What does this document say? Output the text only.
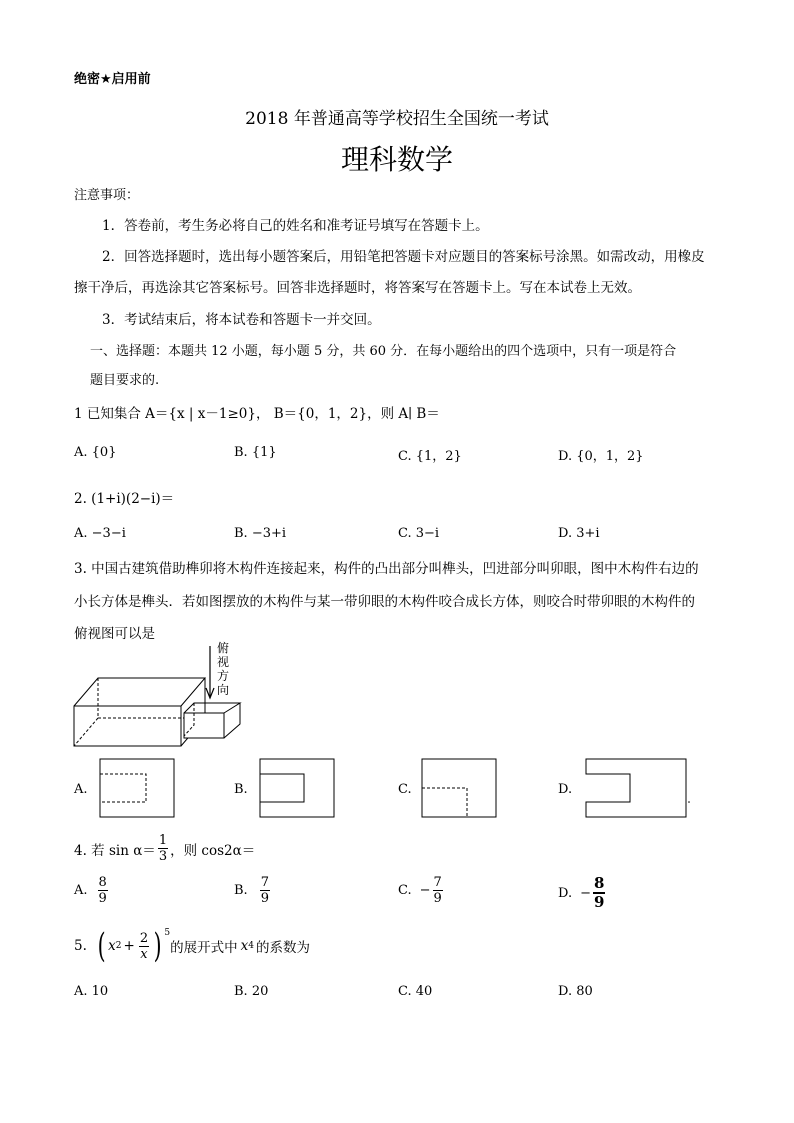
绝密★启用前
2018 年普通高等学校招生全国统一考试
理科数学
注意事项：
1．答卷前，考生务必将自己的姓名和准考证号填写在答题卡上。
2．回答选择题时，选出每小题答案后，用铅笔把答题卡对应题目的答案标号涂黑。如需改动，用橡皮
擦干净后，再选涂其它答案标号。回答非选择题时，将答案写在答题卡上。写在本试卷上无效。
3．考试结束后，将本试卷和答题卡一并交回。
一、选择题：本题共 12 小题，每小题 5 分，共 60 分．在每小题给出的四个选项中，只有一项是符合
题目要求的.
1 已知集合 A＝{x | x－1≥0}， B＝{0，1，2}，则 A∣ B＝
A. {0}	B. {1}	C. {1，2}	D. {0，1，2}
2. (1+i)(2−i)＝
A. −3−i	B. −3+i	C. 3−i	D. 3+i
3. 中国古建筑借助榫卯将木构件连接起来，构件的凸出部分叫榫头，凹进部分叫卯眼，图中木构件右边的
小长方体是榫头．若如图摆放的木构件与某一带卯眼的木构件咬合成长方体，则咬合时带卯眼的木构件的
俯视图可以是
俯
视
方
向
A.	B.	C.	D.
4. 若 $\sin \alpha= \frac{1}{3}$ ，则 cos2α＝
A. $\frac{8}{9}$	B. $\frac{7}{9}$	C. − $\frac{7}{9}$	D. − $\frac{8}{9}$
5. ( x $2 + \frac{2}{x}$ ) $^5$
的展开式中 x 4 的系数为
A. 10	B. 20	C. 40	D. 80
